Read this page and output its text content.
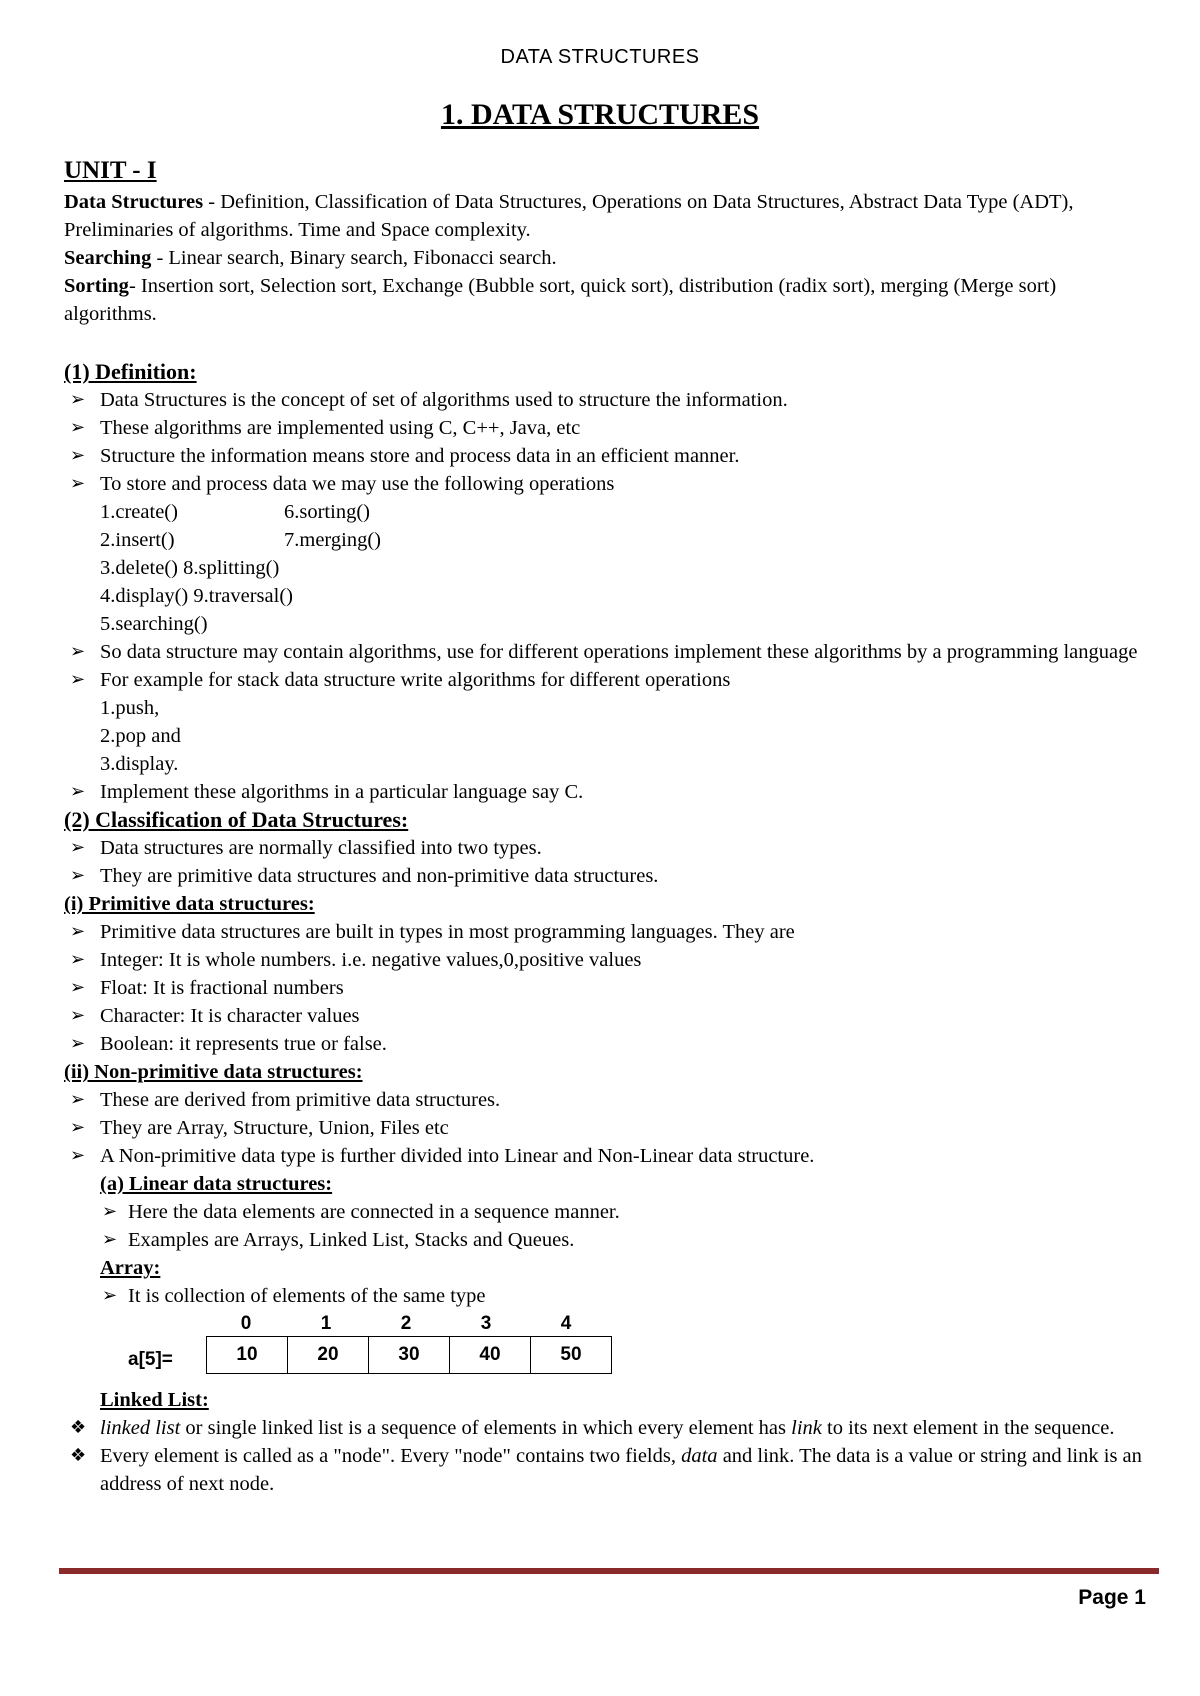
DATA STRUCTURES
1. DATA STRUCTURES
UNIT - I

Data Structures - Definition, Classification of Data Structures, Operations on Data Structures, Abstract Data Type (ADT), Preliminaries of algorithms. Time and Space complexity.

Searching - Linear search, Binary search, Fibonacci search.

Sorting- Insertion sort, Selection sort, Exchange (Bubble sort, quick sort), distribution (radix sort), merging (Merge sort) algorithms.

(1) Definition:

➢ Data Structures is the concept of set of algorithms used to structure the information.
➢ These algorithms are implemented using C, C++, Java, etc
➢ Structure the information means store and process data in an efficient manner.
➢ To store and process data we may use the following operations
1.create()	6.sorting()
2.insert()	7.merging()
3.delete() 8.splitting()
4.display() 9.traversal()
5.searching()
➢ So data structure may contain algorithms, use for different operations implement these algorithms by a programming language
➢ For example for stack data structure write algorithms for different operations
1.push,
2.pop and
3.display.
➢ Implement these algorithms in a particular language say C.

(2) Classification of Data Structures:

➢ Data structures are normally classified into two types.
➢ They are primitive data structures and non-primitive data structures.

(i) Primitive data structures:

➢ Primitive data structures are built in types in most programming languages. They are
➢ Integer: It is whole numbers. i.e. negative values,0,positive values
➢ Float: It is fractional numbers
➢ Character: It is character values
➢ Boolean: it represents true or false.

(ii) Non-primitive data structures:

➢ These are derived from primitive data structures.
➢ They are Array, Structure, Union, Files etc
➢ A Non-primitive data type is further divided into Linear and Non-Linear data structure.

(a) Linear data structures:

➢ Here the data elements are connected in a sequence manner.
➢ Examples are Arrays, Linked List, Stacks and Queues.

Array:

➢ It is collection of elements of the same type
0	1	2	3	4
a[5]=	10	20	30	40	50

Linked List:

❖ linked list or single linked list is a sequence of elements in which every element has link to its next element in the sequence.
❖ Every element is called as a "node". Every "node" contains two fields, data and link. The data is a value or string and link is an address of next node.
Page 1
